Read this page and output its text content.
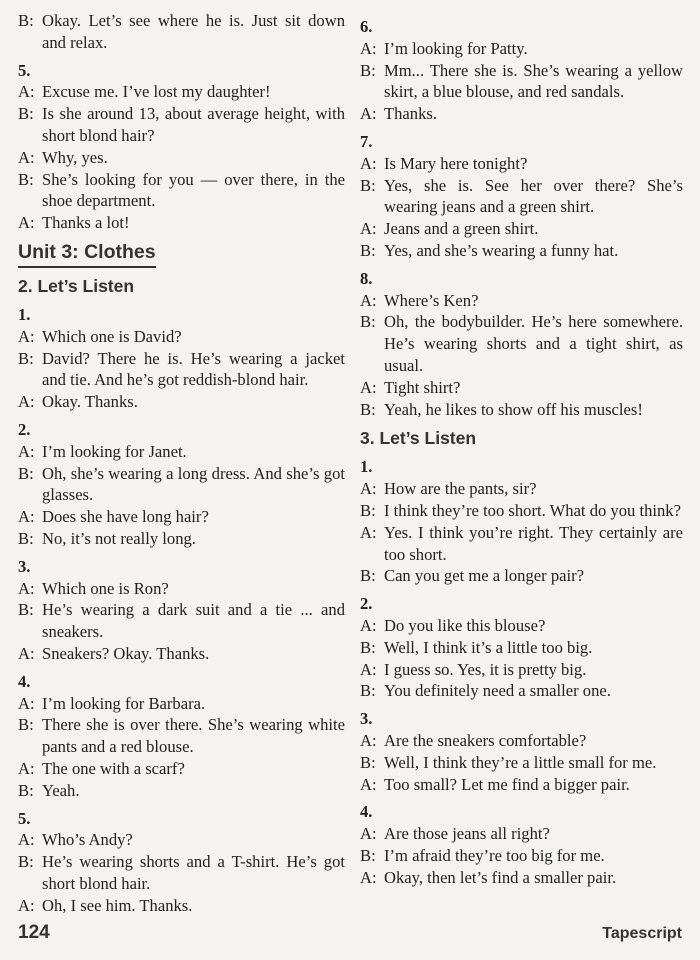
B: Okay. Let’s see where he is. Just sit down and relax.
5.
A: Excuse me. I’ve lost my daughter!
B: Is she around 13, about average height, with short blond hair?
A: Why, yes.
B: She’s looking for you — over there, in the shoe department.
A: Thanks a lot!
Unit 3: Clothes
2. Let’s Listen
1.
A: Which one is David?
B: David? There he is. He’s wearing a jacket and tie. And he’s got reddish-blond hair.
A: Okay. Thanks.
2.
A: I’m looking for Janet.
B: Oh, she’s wearing a long dress. And she’s got glasses.
A: Does she have long hair?
B: No, it’s not really long.
3.
A: Which one is Ron?
B: He’s wearing a dark suit and a tie ... and sneakers.
A: Sneakers? Okay. Thanks.
4.
A: I’m looking for Barbara.
B: There she is over there. She’s wearing white pants and a red blouse.
A: The one with a scarf?
B: Yeah.
5.
A: Who’s Andy?
B: He’s wearing shorts and a T-shirt. He’s got short blond hair.
A: Oh, I see him. Thanks.
6.
A: I’m looking for Patty.
B: Mm... There she is. She’s wearing a yellow skirt, a blue blouse, and red sandals.
A: Thanks.
7.
A: Is Mary here tonight?
B: Yes, she is. See her over there? She’s wearing jeans and a green shirt.
A: Jeans and a green shirt.
B: Yes, and she’s wearing a funny hat.
8.
A: Where’s Ken?
B: Oh, the bodybuilder. He’s here somewhere. He’s wearing shorts and a tight shirt, as usual.
A: Tight shirt?
B: Yeah, he likes to show off his muscles!
3. Let’s Listen
1.
A: How are the pants, sir?
B: I think they’re too short. What do you think?
A: Yes. I think you’re right. They certainly are too short.
B: Can you get me a longer pair?
2.
A: Do you like this blouse?
B: Well, I think it’s a little too big.
A: I guess so. Yes, it is pretty big.
B: You definitely need a smaller one.
3.
A: Are the sneakers comfortable?
B: Well, I think they’re a little small for me.
A: Too small? Let me find a bigger pair.
4.
A: Are those jeans all right?
B: I’m afraid they’re too big for me.
A: Okay, then let’s find a smaller pair.
124	Tapescript
